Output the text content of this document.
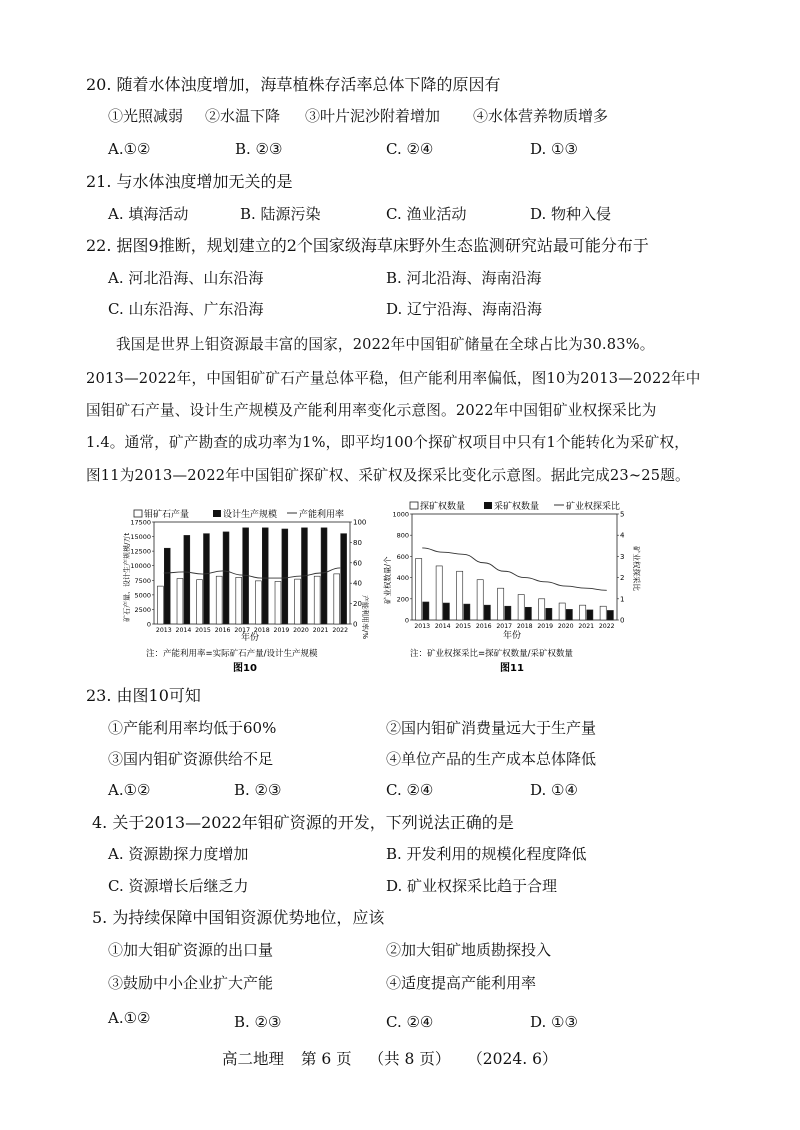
20. 随着水体浊度增加，海草植株存活率总体下降的原因有
①光照减弱 ②水温下降 ③叶片泥沙附着增加 ④水体营养物质增多
A.①②	B. ②③	C. ②④	D. ①③
21. 与水体浊度增加无关的是
A. 填海活动	B. 陆源污染	C. 渔业活动	D. 物种入侵
22. 据图9推断，规划建立的2个国家级海草床野外生态监测研究站最可能分布于
A. 河北沿海、山东沿海	B. 河北沿海、海南沿海
C. 山东沿海、广东沿海	D. 辽宁沿海、海南沿海
我国是世界上钼资源最丰富的国家，2022年中国钼矿储量在全球占比为30.83%。
2013—2022年，中国钼矿矿石产量总体平稳，但产能利用率偏低，图10为2013—2022年中
国钼矿石产量、设计生产规模及产能利用率变化示意图。2022年中国钼矿业权探采比为
1.4。通常，矿产勘查的成功率为1%，即平均100个探矿权项目中只有1个能转化为采矿权，
图11为2013—2022年中国钼矿探矿权、采矿权及探采比变化示意图。据此完成23~25题。
钼矿石产量	设计生产规模 产能利用率
矿石产量、设计生产规模/万t	产能利用率/%
0
2500
5000
7500
10000
12500
15000
17500
0
20
40
60
80
100
2013 2014 2015 2016 2017 2018 2019 2020 2021 2022
年份
注：产能利用率=实际矿石产量/设计生产规模
图10
探矿权数量	采矿权数量	矿业权探采比
矿业权数量/个	矿业权探采比
0
200
400
600
800
1000
0
1
2
3
4
5
2013 2014 2015 2016 2017 2018 2019 2020 2021 2022
年份
注：矿业权探采比=探矿权数量/采矿权数量
图11
23. 由图10可知
①产能利用率均低于60%	②国内钼矿消费量远大于生产量
③国内钼矿资源供给不足	④单位产品的生产成本总体降低
A.①②	B. ②③	C. ②④	D. ①④
4. 关于2013—2022年钼矿资源的开发，下列说法正确的是
A. 资源勘探力度增加	B. 开发利用的规模化程度降低
C. 资源增长后继乏力	D. 矿业权探采比趋于合理
5. 为持续保障中国钼资源优势地位，应该
①加大钼矿资源的出口量	②加大钼矿地质勘探投入
③鼓励中小企业扩大产能	④适度提高产能利用率
A.①②	B. ②③	C. ②④	D. ①③
高二地理 第 6 页 （共 8 页） （2024. 6）
